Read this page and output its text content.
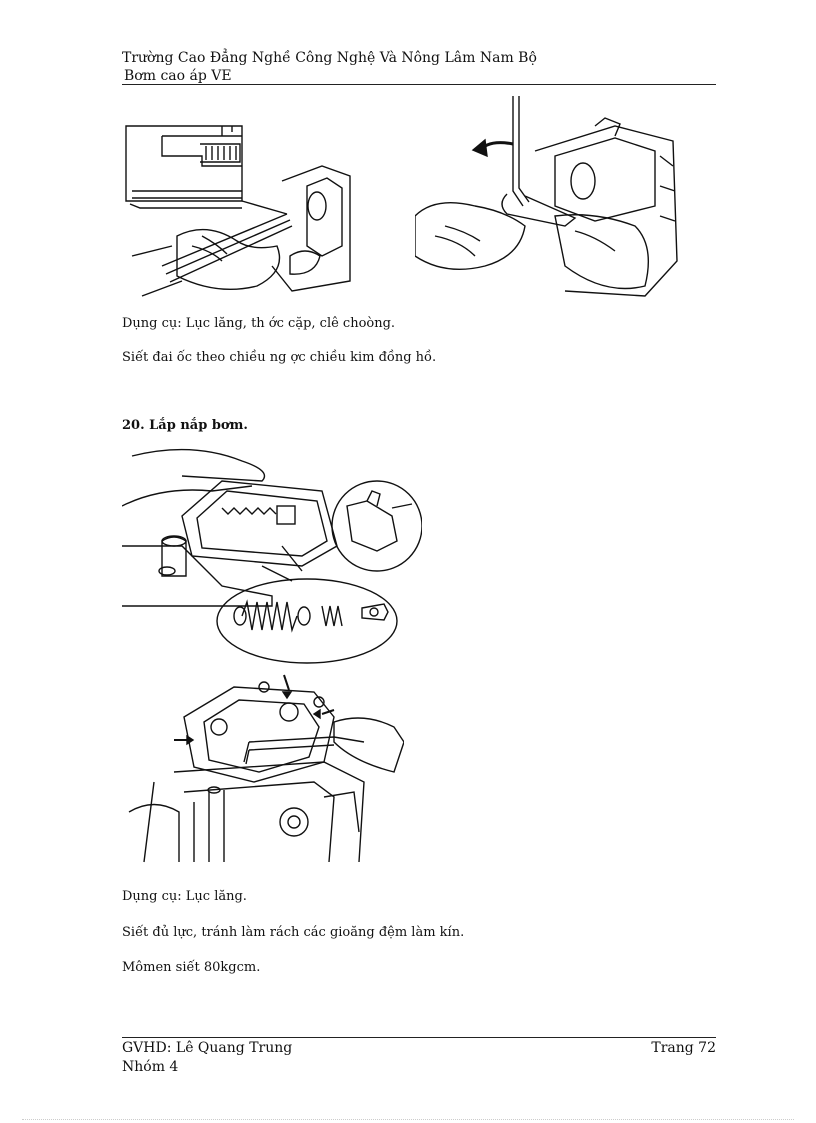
Trường Cao Đẳng Nghề Công Nghệ Và Nông Lâm Nam Bộ
Bơm cao áp VE
Dụng cụ: Lục lăng, th ớc cặp, clê choòng.
Siết đai ốc theo chiều ng ợc chiều kim đồng hồ.
20. Lắp nắp bơm.
Dụng cụ: Lục lăng.
Siết đủ lực, tránh làm rách các gioăng đệm làm kín.
Mômen siết 80kgcm.
GVHD: Lê Quang Trung
Nhóm 4
Trang 72
